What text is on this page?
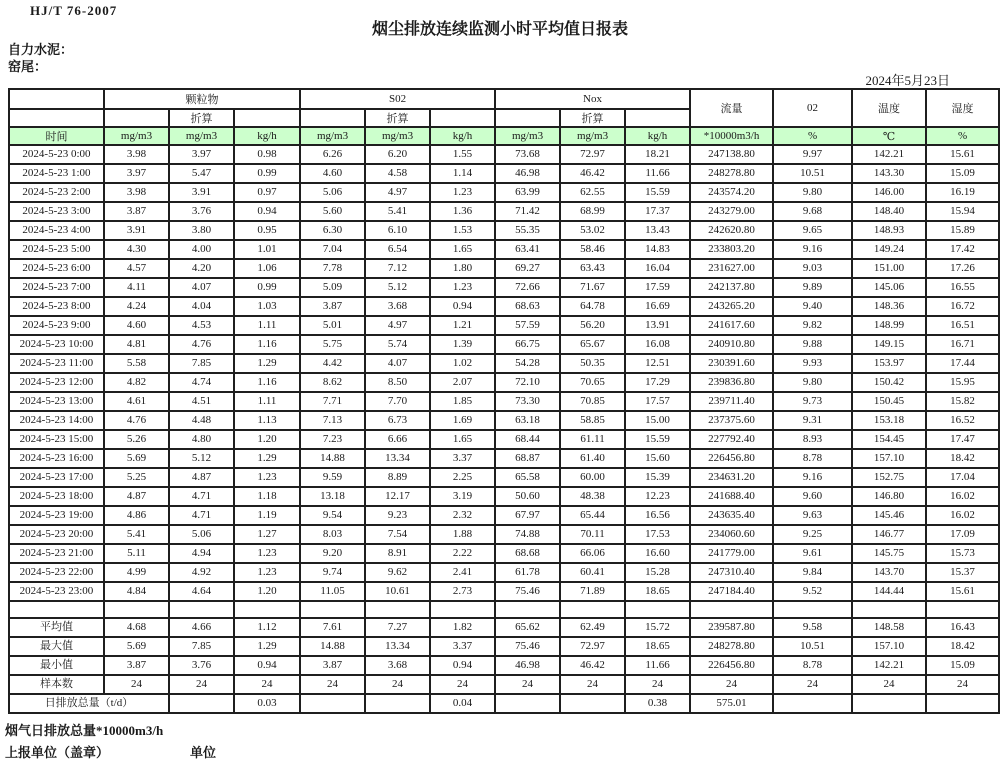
HJ/T 76-2007
烟尘排放连续监测小时平均值日报表
自力水泥：
窑尾：
2024年5月23日
	颗粒物			S02			Nox			流量	02	温度	湿度
		折算			折算			折算					
时间	mg/m3	mg/m3	kg/h	mg/m3	mg/m3	kg/h	mg/m3	mg/m3	kg/h	*10000m3/h	%	℃	%
2024-5-23 0:00	3.98	3.97	0.98	6.26	6.20	1.55	73.68	72.97	18.21	247138.80	9.97	142.21	15.61
2024-5-23 1:00	3.97	5.47	0.99	4.60	4.58	1.14	46.98	46.42	11.66	248278.80	10.51	143.30	15.09
2024-5-23 2:00	3.98	3.91	0.97	5.06	4.97	1.23	63.99	62.55	15.59	243574.20	9.80	146.00	16.19
2024-5-23 3:00	3.87	3.76	0.94	5.60	5.41	1.36	71.42	68.99	17.37	243279.00	9.68	148.40	15.94
2024-5-23 4:00	3.91	3.80	0.95	6.30	6.10	1.53	55.35	53.02	13.43	242620.80	9.65	148.93	15.89
2024-5-23 5:00	4.30	4.00	1.01	7.04	6.54	1.65	63.41	58.46	14.83	233803.20	9.16	149.24	17.42
2024-5-23 6:00	4.57	4.20	1.06	7.78	7.12	1.80	69.27	63.43	16.04	231627.00	9.03	151.00	17.26
2024-5-23 7:00	4.11	4.07	0.99	5.09	5.12	1.23	72.66	71.67	17.59	242137.80	9.89	145.06	16.55
2024-5-23 8:00	4.24	4.04	1.03	3.87	3.68	0.94	68.63	64.78	16.69	243265.20	9.40	148.36	16.72
2024-5-23 9:00	4.60	4.53	1.11	5.01	4.97	1.21	57.59	56.20	13.91	241617.60	9.82	148.99	16.51
2024-5-23 10:00	4.81	4.76	1.16	5.75	5.74	1.39	66.75	65.67	16.08	240910.80	9.88	149.15	16.71
2024-5-23 11:00	5.58	7.85	1.29	4.42	4.07	1.02	54.28	50.35	12.51	230391.60	9.93	153.97	17.44
2024-5-23 12:00	4.82	4.74	1.16	8.62	8.50	2.07	72.10	70.65	17.29	239836.80	9.80	150.42	15.95
2024-5-23 13:00	4.61	4.51	1.11	7.71	7.70	1.85	73.30	70.85	17.57	239711.40	9.73	150.45	15.82
2024-5-23 14:00	4.76	4.48	1.13	7.13	6.73	1.69	63.18	58.85	15.00	237375.60	9.31	153.18	16.52
2024-5-23 15:00	5.26	4.80	1.20	7.23	6.66	1.65	68.44	61.11	15.59	227792.40	8.93	154.45	17.47
2024-5-23 16:00	5.69	5.12	1.29	14.88	13.34	3.37	68.87	61.40	15.60	226456.80	8.78	157.10	18.42
2024-5-23 17:00	5.25	4.87	1.23	9.59	8.89	2.25	65.58	60.00	15.39	234631.20	9.16	152.75	17.04
2024-5-23 18:00	4.87	4.71	1.18	13.18	12.17	3.19	50.60	48.38	12.23	241688.40	9.60	146.80	16.02
2024-5-23 19:00	4.86	4.71	1.19	9.54	9.23	2.32	67.97	65.44	16.56	243635.40	9.63	145.46	16.02
2024-5-23 20:00	5.41	5.06	1.27	8.03	7.54	1.88	74.88	70.11	17.53	234060.60	9.25	146.77	17.09
2024-5-23 21:00	5.11	4.94	1.23	9.20	8.91	2.22	68.68	66.06	16.60	241779.00	9.61	145.75	15.73
2024-5-23 22:00	4.99	4.92	1.23	9.74	9.62	2.41	61.78	60.41	15.28	247310.40	9.84	143.70	15.37
2024-5-23 23:00	4.84	4.64	1.20	11.05	10.61	2.73	75.46	71.89	18.65	247184.40	9.52	144.44	15.61

平均值	4.68	4.66	1.12	7.61	7.27	1.82	65.62	62.49	15.72	239587.80	9.58	148.58	16.43
最大值	5.69	7.85	1.29	14.88	13.34	3.37	75.46	72.97	18.65	248278.80	10.51	157.10	18.42
最小值	3.87	3.76	0.94	3.87	3.68	0.94	46.98	46.42	11.66	226456.80	8.78	142.21	15.09
样本数	24	24	24	24	24	24	24	24	24	24	24	24	24
日排放总量（t/d）			0.03			0.04			0.38	575.01			
烟气日排放总量*10000m3/h
上报单位（盖章）	单位
